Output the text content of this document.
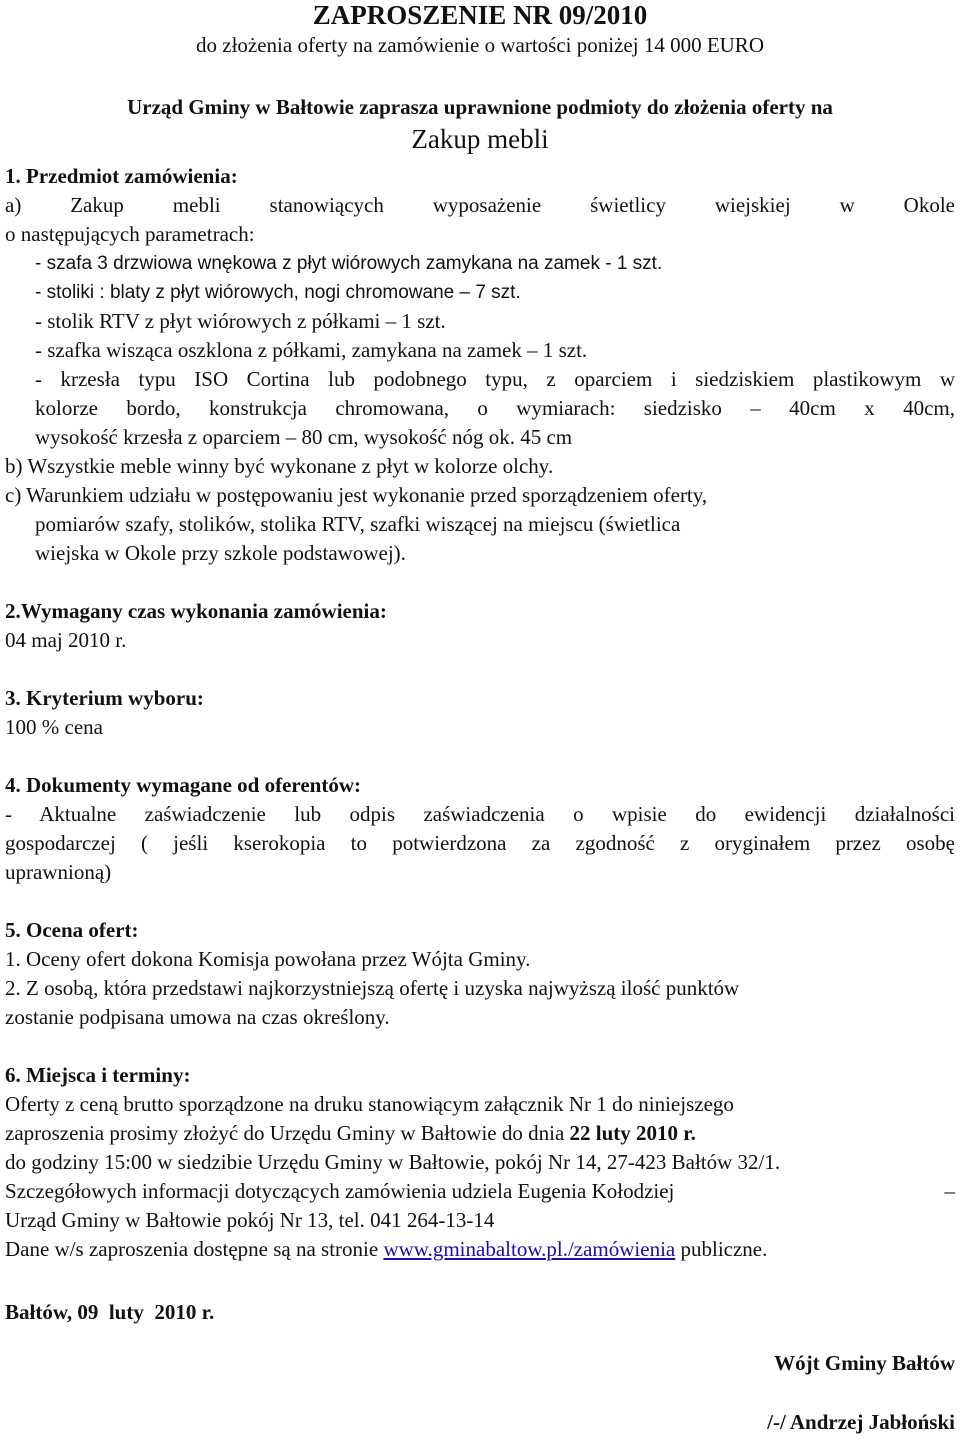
ZAPROSZENIE NR 09/2010
do złożenia oferty na zamówienie o wartości poniżej 14 000 EURO
Urząd Gminy w Bałtowie zaprasza uprawnione podmioty do złożenia oferty na
Zakup mebli
1. Przedmiot zamówienia:
a) Zakup mebli stanowiących wyposażenie świetlicy wiejskiej w Okole
o następujących parametrach:
- szafa 3 drzwiowa wnękowa z płyt wiórowych zamykana na zamek - 1 szt.
- stoliki : blaty z płyt wiórowych, nogi chromowane – 7 szt.
- stolik RTV z płyt wiórowych z półkami – 1 szt.
- szafka wisząca oszklona z półkami, zamykana na zamek – 1 szt.
- krzesła typu ISO Cortina lub podobnego typu, z oparciem i siedziskiem plastikowym w
kolorze bordo, konstrukcja chromowana, o wymiarach: siedzisko – 40cm x 40cm,
wysokość krzesła z oparciem – 80 cm, wysokość nóg ok. 45 cm
b) Wszystkie meble winny być wykonane z płyt w kolorze olchy.
c) Warunkiem udziału w postępowaniu jest wykonanie przed sporządzeniem oferty,
pomiarów szafy, stolików, stolika RTV, szafki wiszącej na miejscu (świetlica
wiejska w Okole przy szkole podstawowej).
2.Wymagany czas wykonania zamówienia:
04 maj 2010 r.
3. Kryterium wyboru:
100 % cena
4. Dokumenty wymagane od oferentów:
- Aktualne zaświadczenie lub odpis zaświadczenia o wpisie do ewidencji działalności
gospodarczej ( jeśli kserokopia to potwierdzona za zgodność z oryginałem przez osobę
uprawnioną)
5. Ocena ofert:
1. Oceny ofert dokona Komisja powołana przez Wójta Gminy.
2. Z osobą, która przedstawi najkorzystniejszą ofertę i uzyska najwyższą ilość punktów
zostanie podpisana umowa na czas określony.
6. Miejsca i terminy:
Oferty z ceną brutto sporządzone na druku stanowiącym załącznik Nr 1 do niniejszego
zaproszenia prosimy złożyć do Urzędu Gminy w Bałtowie do dnia 22 luty 2010 r.
do godziny 15:00 w siedzibie Urzędu Gminy w Bałtowie, pokój Nr 14, 27-423 Bałtów 32/1.
Szczegółowych informacji dotyczących zamówienia udziela Eugenia Kołodziej	–
Urząd Gminy w Bałtowie pokój Nr 13, tel. 041 264-13-14
Dane w/s zaproszenia dostępne są na stronie www.gminabaltow.pl./zamówienia publiczne.
Bałtów, 09  luty  2010 r.
Wójt Gminy Bałtów
/-/ Andrzej Jabłoński
